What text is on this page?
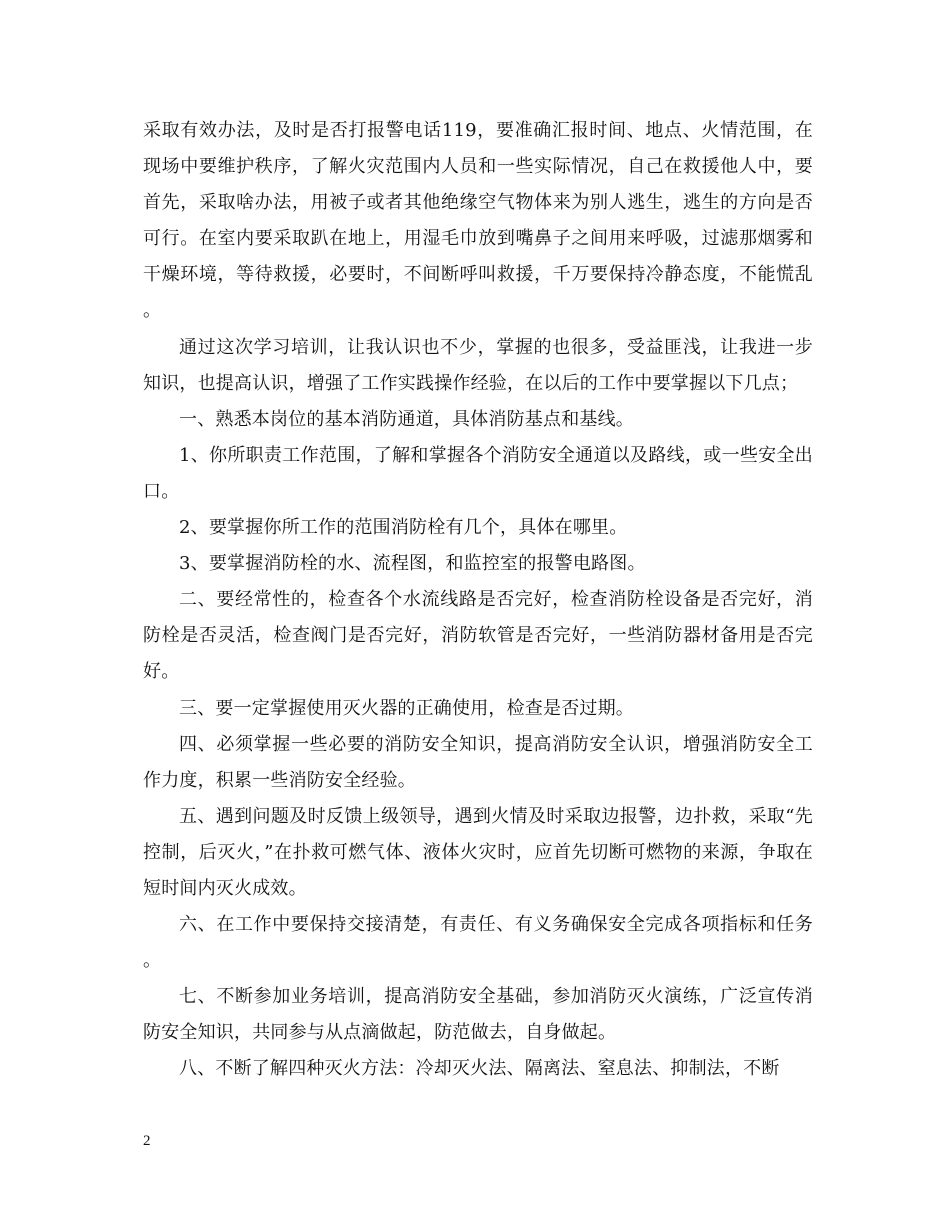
采取有效办法，及时是否打报警电话119，要准确汇报时间、地点、火情范围，在现场中要维护秩序，了解火灾范围内人员和一些实际情况，自己在救援他人中，要首先，采取啥办法，用被子或者其他绝缘空气物体来为别人逃生，逃生的方向是否可行。在室内要采取趴在地上，用湿毛巾放到嘴鼻子之间用来呼吸，过滤那烟雾和干燥环境，等待救援，必要时，不间断呼叫救援，千万要保持冷静态度，不能慌乱。

通过这次学习培训，让我认识也不少，掌握的也很多，受益匪浅，让我进一步知识，也提高认识，增强了工作实践操作经验，在以后的工作中要掌握以下几点；

一、熟悉本岗位的基本消防通道，具体消防基点和基线。

1、你所职责工作范围，了解和掌握各个消防安全通道以及路线，或一些安全出口。

2、要掌握你所工作的范围消防栓有几个，具体在哪里。

3、要掌握消防栓的水、流程图，和监控室的报警电路图。

二、要经常性的，检查各个水流线路是否完好，检查消防栓设备是否完好，消防栓是否灵活，检查阀门是否完好，消防软管是否完好，一些消防器材备用是否完好。

三、要一定掌握使用灭火器的正确使用，检查是否过期。

四、必须掌握一些必要的消防安全知识，提高消防安全认识，增强消防安全工作力度，积累一些消防安全经验。

五、遇到问题及时反馈上级领导，遇到火情及时采取边报警，边扑救，采取“先控制，后灭火，”在扑救可燃气体、液体火灾时，应首先切断可燃物的来源，争取在短时间内灭火成效。

六、在工作中要保持交接清楚，有责任、有义务确保安全完成各项指标和任务。

七、不断参加业务培训，提高消防安全基础，参加消防灭火演练，广泛宣传消防安全知识，共同参与从点滴做起，防范做去，自身做起。

八、不断了解四种灭火方法：冷却灭火法、隔离法、窒息法、抑制法，不断

2
